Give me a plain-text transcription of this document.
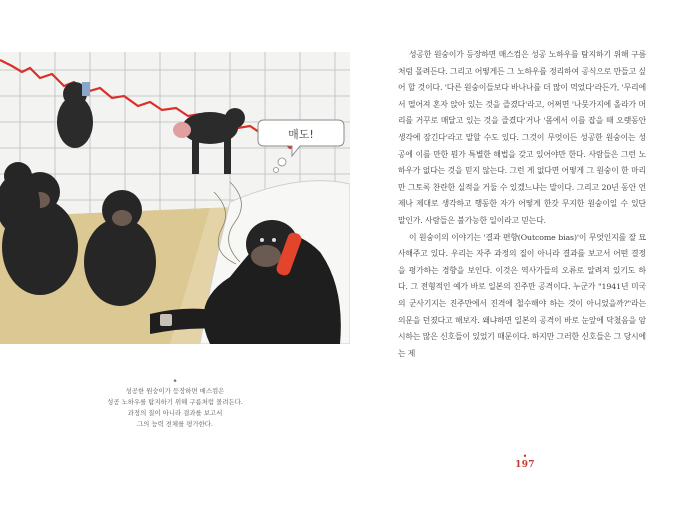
매도!
•
성공한 원숭이가 등장하면 매스컴은
성공 노하우를 탐지하기 위해 구름처럼 몰려든다.
과정의 질이 아니라 결과를 보고서
그의 능력 전체를 평가한다.

성공한 원숭이가 등장하면 매스컴은 성공 노하우를 탐지하기 위해 구름처럼 몰려든다. 그리고 어떻게든 그 노하우를 정리하여 공식으로 만들고 싶어 할 것이다. '다른 원숭이들보다 바나나를 더 많이 먹었다'라든가, '무리에서 떨어져 혼자 앉아 있는 것을 즐겼다'라고, 어쩌면 '나뭇가지에 올라가 머리를 거꾸로 매달고 있는 것을 즐겼다'거나 '몸에서 이를 잡을 때 오랫동안 생각에 잠긴다'라고 말할 수도 있다. 그것이 무엇이든 성공한 원숭이는 성공에 이를 만한 뭔가 특별한 해법을 갖고 있어야만 한다. 사람들은 그런 노하우가 없다는 것을 믿지 않는다. 그런 게 없다면 어떻게 그 원숭이 한 마리만 그토록 찬란한 실적을 거둘 수 있겠느냐는 말이다. 그리고 20년 동안 언제나 제대로 생각하고 행동한 자가 어떻게 한갓 무지한 원숭이일 수 있단 말인가. 사람들은 불가능한 일이라고 믿는다.

이 원숭이의 이야기는 '결과 편향(Outcome bias)'이 무엇인지를 잘 묘사해주고 있다. 우리는 자주 과정의 질이 아니라 결과를 보고서 어떤 결정을 평가하는 경향을 보인다. 이것은 역사가들의 오류로 알려져 있기도 하다. 그 전형적인 예가 바로 일본의 진주만 공격이다. 누군가 "1941년 미국의 군사기지는 진주만에서 진격에 철수해야 하는 것이 아니었을까?"라는 의문을 던졌다고 해보자. 왜냐하면 일본의 공격이 바로 눈앞에 닥쳤음을 암시하는 많은 신호들이 있었기 때문이다. 하지만 그러한 신호들은 그 당시에는 제

•
197
